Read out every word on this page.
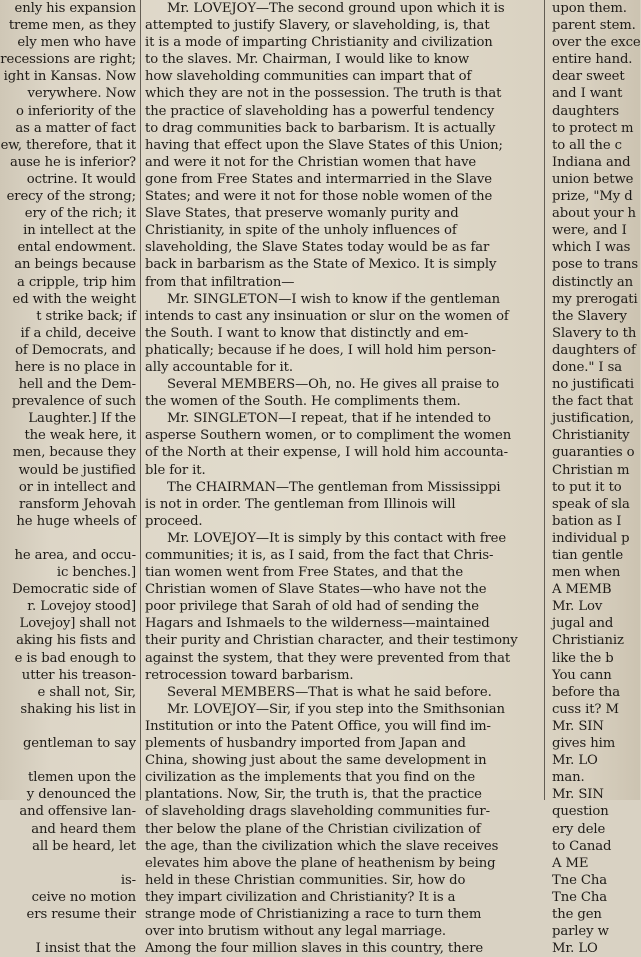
enly his expansion

treme men, as they

ely men who have

recessions are right;

ight in Kansas. Now

verywhere. Now

o inferiority of the

as a matter of fact

ew, therefore, that it

ause he is inferior?

octrine. It would

erecy of the strong;

ery of the rich; it

in intellect at the

ental endowment.

an beings because

a cripple, trip him

ed with the weight

t strike back; if

if a child, deceive

of Democrats, and

here is no place in

hell and the Dem-

prevalence of such

Laughter.] If the

the weak here, it

men, because they

would be justified

or in intellect and

ransform Jehovah

he huge wheels of

he area, and occu-

ic benches.]

Democratic side of

r. Lovejoy stood]

Lovejoy] shall not

aking his fists and

e is bad enough to

utter his treason-

e shall not, Sir,

shaking his list in

gentleman to say

tlemen upon the

y denounced the

and offensive lan-

and heard them

all be heard, let

is-

ceive no motion

ers resume their

I insist that the

Mr. LOVEJOY—The second ground upon which it is

attempted to justify Slavery, or slaveholding, is, that

it is a mode of imparting Christianity and civilization

to the slaves. Mr. Chairman, I would like to know

how slaveholding communities can impart that of

which they are not in the possession. The truth is that

the practice of slaveholding has a powerful tendency

to drag communities back to barbarism. It is actually

having that effect upon the Slave States of this Union;

and were it not for the Christian women that have

gone from Free States and intermarried in the Slave

States; and were it not for those noble women of the

Slave States, that preserve womanly purity and

Christianity, in spite of the unholy influences of

slaveholding, the Slave States today would be as far

back in barbarism as the State of Mexico. It is simply

from that infiltration—

Mr. SINGLETON—I wish to know if the gentleman

intends to cast any insinuation or slur on the women of

the South. I want to know that distinctly and em-

phatically; because if he does, I will hold him person-

ally accountable for it.

Several MEMBERS—Oh, no. He gives all praise to

the women of the South. He compliments them.

Mr. SINGLETON—I repeat, that if he intended to

asperse Southern women, or to compliment the women

of the North at their expense, I will hold him accounta-

ble for it.

The CHAIRMAN—The gentleman from Mississippi

is not in order. The gentleman from Illinois will

proceed.

Mr. LOVEJOY—It is simply by this contact with free

communities; it is, as I said, from the fact that Chris-

tian women went from Free States, and that the

Christian women of Slave States—who have not the

poor privilege that Sarah of old had of sending the

Hagars and Ishmaels to the wilderness—maintained

their purity and Christian character, and their testimony

against the system, that they were prevented from that

retrocession toward barbarism.

Several MEMBERS—That is what he said before.

Mr. LOVEJOY—Sir, if you step into the Smithsonian

Institution or into the Patent Office, you will find im-

plements of husbandry imported from Japan and

China, showing just about the same development in

civilization as the implements that you find on the

plantations. Now, Sir, the truth is, that the practice

of slaveholding drags slaveholding communities fur-

ther below the plane of the Christian civilization of

the age, than the civilization which the slave receives

elevates him above the plane of heathenism by being

held in these Christian communities. Sir, how do

they impart civilization and Christianity? It is a

strange mode of Christianizing a race to turn them

over into brutism without any legal marriage.

Among the four million slaves in this country, there

upon them.

parent stem.

over the exce

entire hand.

dear sweet

and I want

daughters

to protect m

to all the c

Indiana and

union betwe

prize, "My d

about your h

were, and I

which I was

pose to trans

distinctly an

my prerogati

the Slavery

Slavery to th

daughters of

done." I sa

no justificati

the fact that

justification,

Christianity

guaranties o

Christian m

to put it to

speak of sla

bation as I

individual p

tian gentle

men when

A MEMB

Mr. Lov

jugal and

Christianiz

like the b

You cann

before tha

cuss it? M

Mr. SIN

gives him

Mr. LO

man.

Mr. SIN

question

ery dele

to Canad

A ME

Tne Cha

Tne Cha

the gen

parley w

Mr. LO
